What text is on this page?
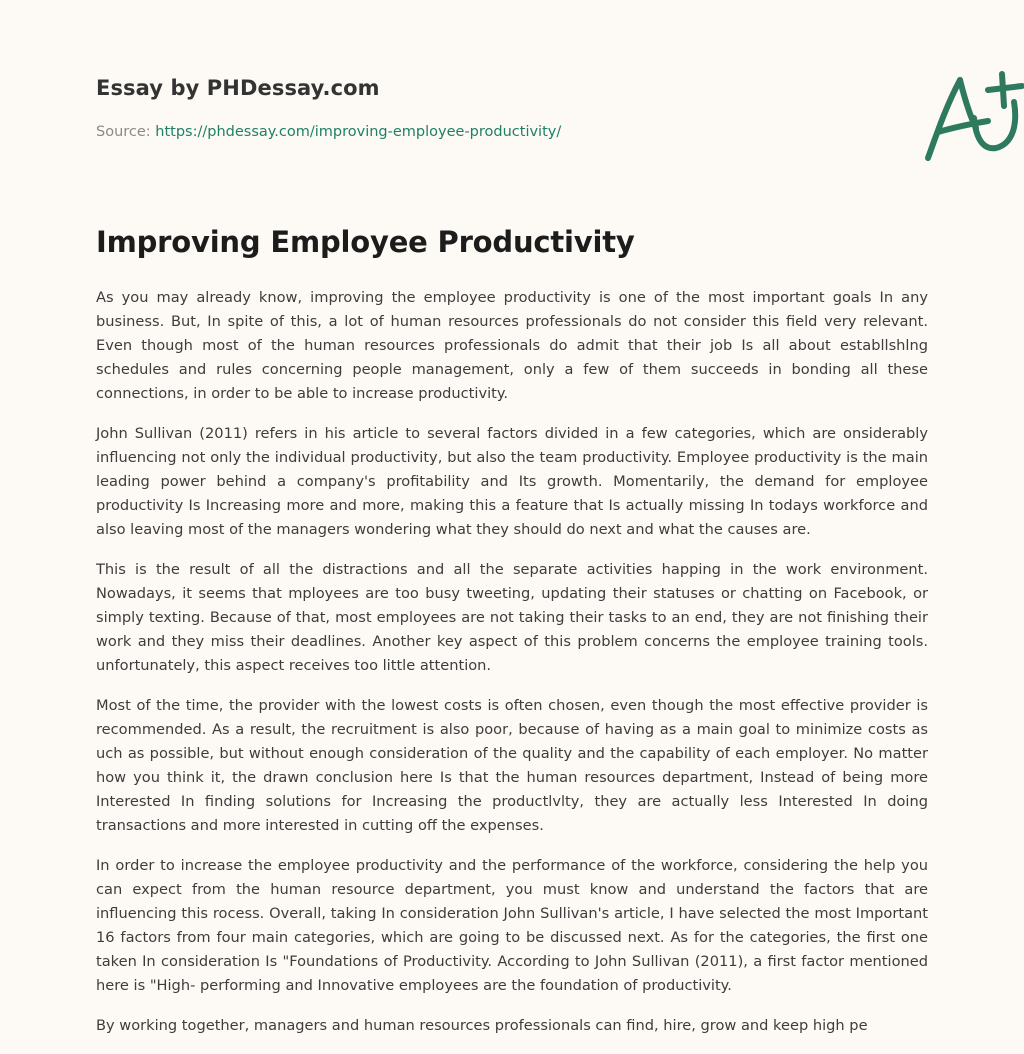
Essay by PHDessay.com
Source: https://phdessay.com/improving-employee-productivity/
Improving Employee Productivity

As you may already know, improving the employee productivity is one of the most important goals In any business. But, In spite of this, a lot of human resources professionals do not consider this field very relevant. Even though most of the human resources professionals do admit that their job Is all about establlshlng schedules and rules concerning people management, only a few of them succeeds in bonding all these connections, in order to be able to increase productivity.

John Sullivan (2011) refers in his article to several factors divided in a few categories, which are onsiderably influencing not only the individual productivity, but also the team productivity. Employee productivity is the main leading power behind a company's profitability and Its growth. Momentarily, the demand for employee productivity Is Increasing more and more, making this a feature that Is actually missing In todays workforce and also leaving most of the managers wondering what they should do next and what the causes are.

This is the result of all the distractions and all the separate activities happing in the work environment. Nowadays, it seems that mployees are too busy tweeting, updating their statuses or chatting on Facebook, or simply texting. Because of that, most employees are not taking their tasks to an end, they are not finishing their work and they miss their deadlines. Another key aspect of this problem concerns the employee training tools. unfortunately, this aspect receives too little attention.

Most of the time, the provider with the lowest costs is often chosen, even though the most effective provider is recommended. As a result, the recruitment is also poor, because of having as a main goal to minimize costs as uch as possible, but without enough consideration of the quality and the capability of each employer. No matter how you think it, the drawn conclusion here Is that the human resources department, Instead of being more Interested In finding solutions for Increasing the productlvlty, they are actually less Interested In doing transactions and more interested in cutting off the expenses.

In order to increase the employee productivity and the performance of the workforce, considering the help you can expect from the human resource department, you must know and understand the factors that are influencing this rocess. Overall, taking In consideration John Sullivan's article, I have selected the most Important 16 factors from four main categories, which are going to be discussed next. As for the categories, the first one taken In consideration Is "Foundations of Productivity. According to John Sullivan (2011), a first factor mentioned here is "High- performing and Innovative employees are the foundation of productivity.

By working together, managers and human resources professionals can find, hire, grow and keep high pe
